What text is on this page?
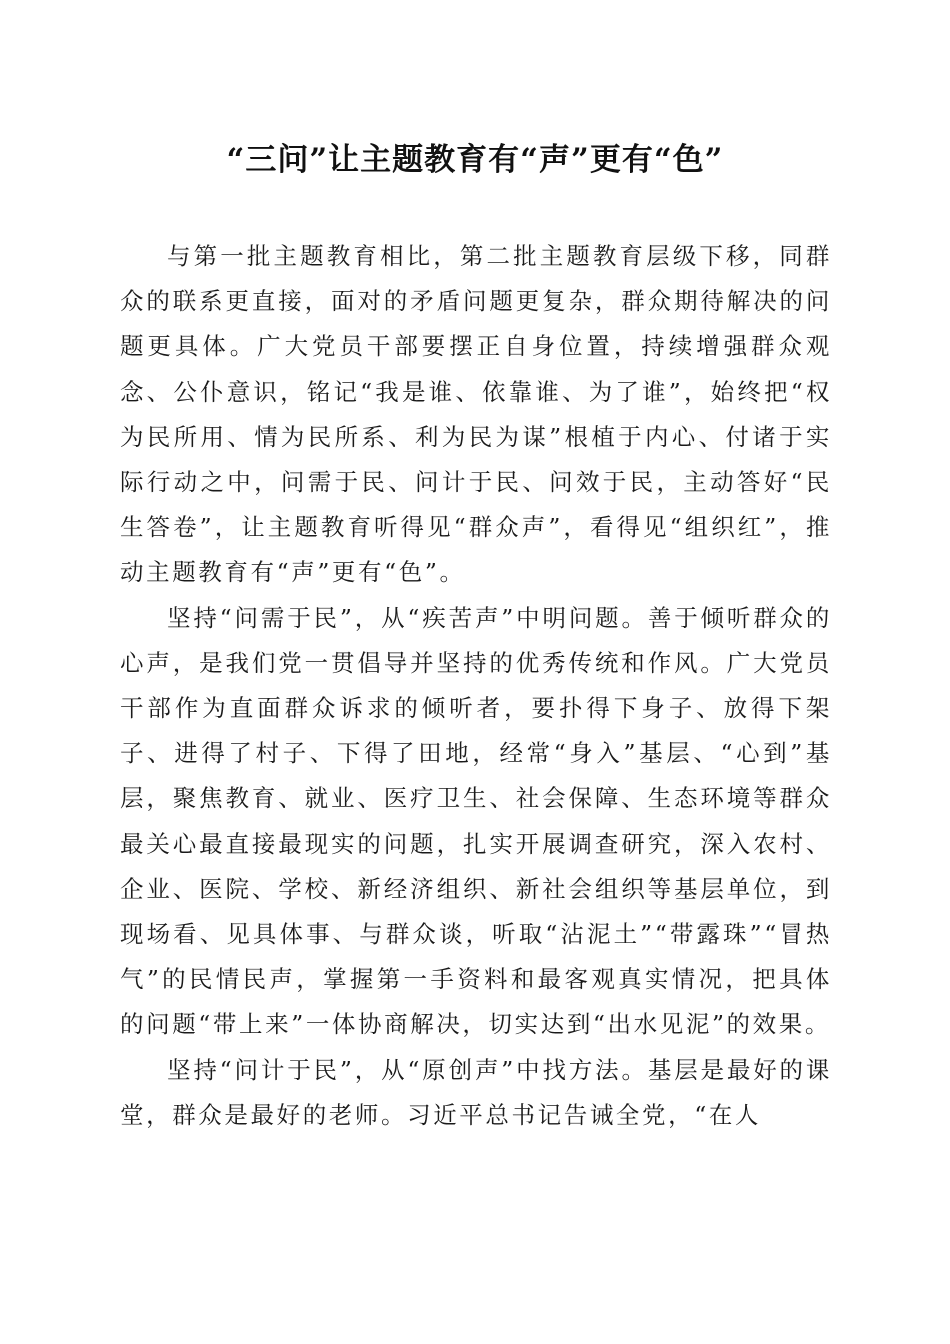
“三问”让主题教育有“声”更有“色”

与第一批主题教育相比，第二批主题教育层级下移，同群众的联系更直接，面对的矛盾问题更复杂，群众期待解决的问题更具体。广大党员干部要摆正自身位置，持续增强群众观念、公仆意识，铭记“我是谁、依靠谁、为了谁”，始终把“权为民所用、情为民所系、利为民为谋”根植于内心、付诸于实际行动之中，问需于民、问计于民、问效于民，主动答好“民生答卷”，让主题教育听得见“群众声”，看得见“组织红”，推动主题教育有“声”更有“色”。

坚持“问需于民”，从“疾苦声”中明问题。善于倾听群众的心声，是我们党一贯倡导并坚持的优秀传统和作风。广大党员干部作为直面群众诉求的倾听者，要扑得下身子、放得下架子、进得了村子、下得了田地，经常“身入”基层、“心到”基层，聚焦教育、就业、医疗卫生、社会保障、生态环境等群众最关心最直接最现实的问题，扎实开展调查研究，深入农村、企业、医院、学校、新经济组织、新社会组织等基层单位，到现场看、见具体事、与群众谈，听取“沾泥土”“带露珠”“冒热气”的民情民声，掌握第一手资料和最客观真实情况，把具体的问题“带上来”一体协商解决，切实达到“出水见泥”的效果。

坚持“问计于民”，从“原创声”中找方法。基层是最好的课堂，群众是最好的老师。习近平总书记告诫全党，“在人
